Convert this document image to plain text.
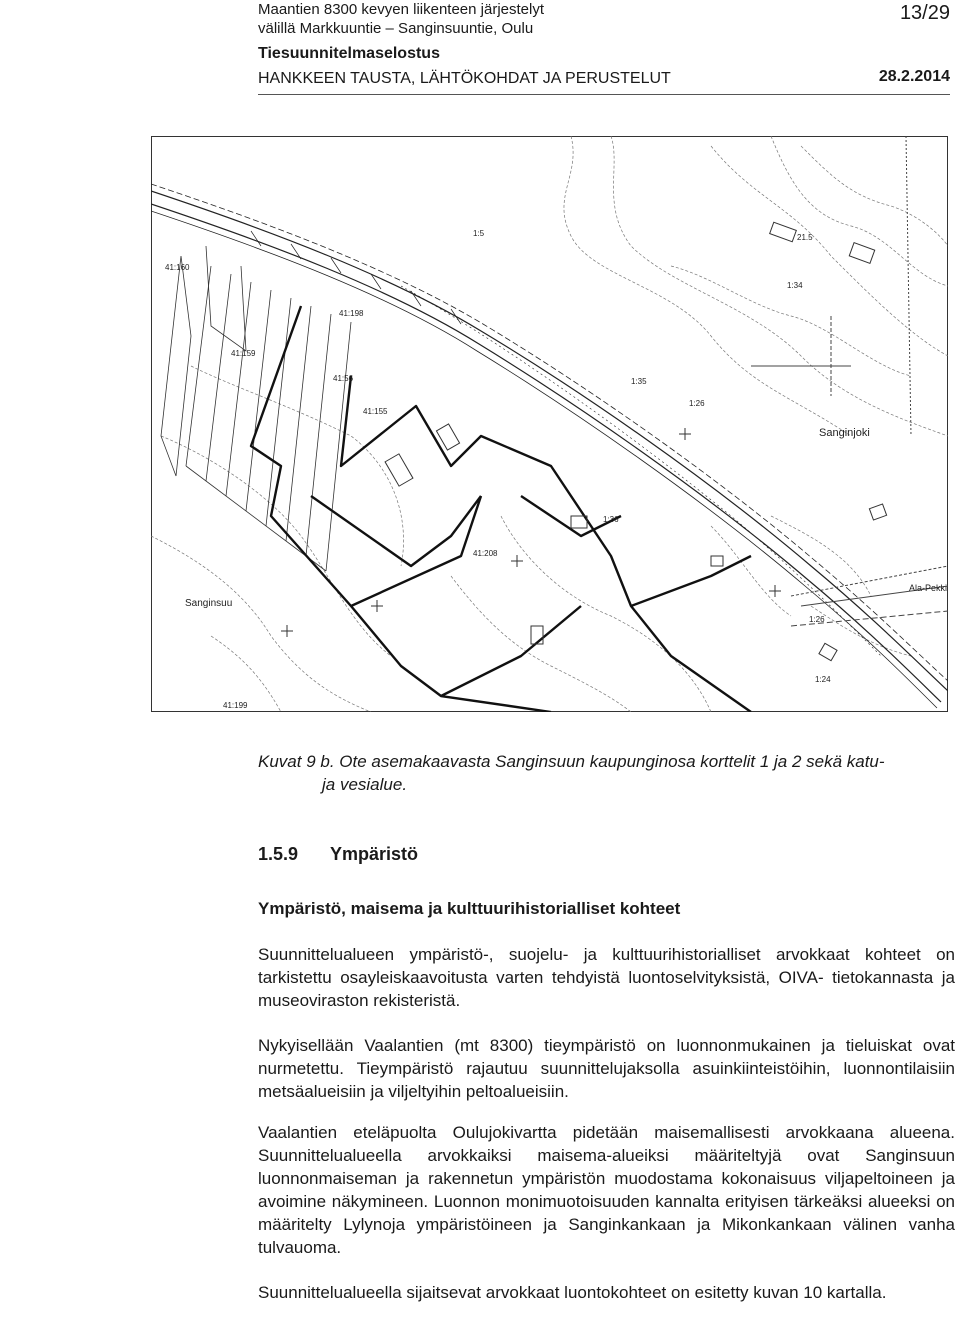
Maantien 8300 kevyen liikenteen järjestelyt
välillä Markkuuntie – Sanginsuuntie, Oulu
Tiesuunnitelmaselostus
HANKKEEN TAUSTA, LÄHTÖKOHDAT JA PERUSTELUT
13/29
28.2.2014
Sanginjoki
Sanginsuu
Ala-Pekki
1:5
1:34
1:36
1:26
1:24
41:198
41:199
41:208
41:155
41:159
41:56
41:160
21.5
1:35
1:26
Kuvat 9 b. Ote asemakaavasta Sanginsuun kaupunginosa korttelit 1 ja 2 sekä katu-
ja vesialue.
1.5.9 Ympäristö
Ympäristö, maisema ja kulttuurihistorialliset kohteet
Suunnittelualueen ympäristö-, suojelu- ja kulttuurihistorialliset arvokkaat kohteet on tarkistettu osayleiskaavoitusta varten tehdyistä luontoselvityksistä, OIVA- tietokannasta ja museoviraston rekisteristä.
Nykyisellään Vaalantien (mt 8300) tieympäristö on luonnonmukainen ja tieluiskat ovat nurmetettu. Tieympäristö rajautuu suunnittelujaksolla asuinkiinteistöihin, luonnontilaisiin metsäalueisiin ja viljeltyihin peltoalueisiin.
Vaalantien eteläpuolta Oulujokivartta pidetään maisemallisesti arvokkaana alueena. Suunnittelualueella arvokkaiksi maisema-alueiksi määriteltyjä ovat Sanginsuun luonnonmaiseman ja rakennetun ympäristön muodostama kokonaisuus viljapeltoineen ja avoimine näkymineen. Luonnon monimuotoisuuden kannalta erityisen tärkeäksi alueeksi on määritelty Lylynoja ympäristöineen ja Sanginkankaan ja Mikonkankaan välinen vanha tulvauoma.
Suunnittelualueella sijaitsevat arvokkaat luontokohteet on esitetty kuvan 10 kartalla.
